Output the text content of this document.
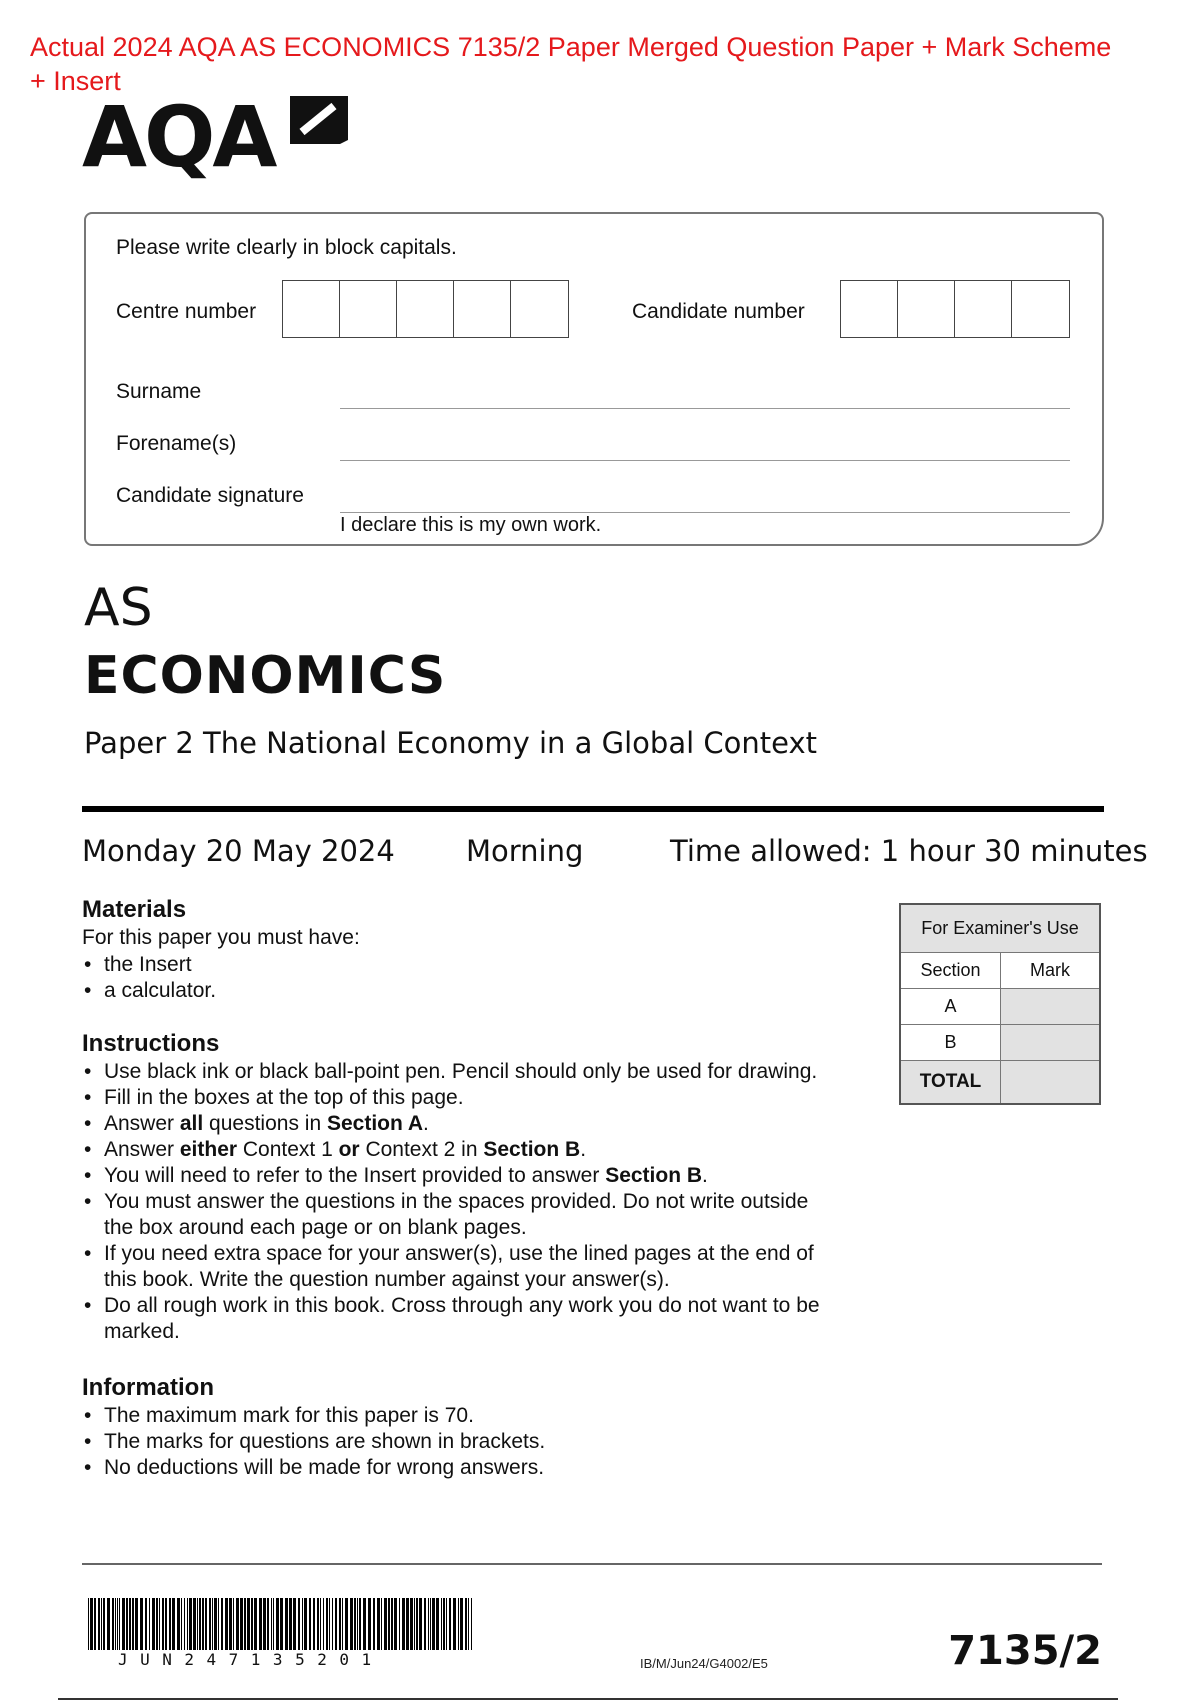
Actual 2024 AQA AS ECONOMICS 7135/2 Paper Merged Question Paper + Mark Scheme
+ Insert
AQA
Please write clearly in block capitals.
Centre number	Candidate number
Surname
Forename(s)
Candidate signature
I declare this is my own work.
AS
ECONOMICS
Paper 2 The National Economy in a Global Context
Monday 20 May 2024 Morning	Time allowed: 1 hour 30 minutes
Materials
For this paper you must have:
• the Insert
• a calculator.
Instructions
• Use black ink or black ball-point pen. Pencil should only be used for drawing.
• Fill in the boxes at the top of this page.
• Answer all questions in Section A.
• Answer either Context 1 or Context 2 in Section B.
• You will need to refer to the Insert provided to answer Section B.
• You must answer the questions in the spaces provided. Do not write outside
the box around each page or on blank pages.
• If you need extra space for your answer(s), use the lined pages at the end of
this book. Write the question number against your answer(s).
• Do all rough work in this book. Cross through any work you do not want to be
marked.
Information
• The maximum mark for this paper is 70.
• The marks for questions are shown in brackets.
• No deductions will be made for wrong answers.
For Examiner's Use
Section	Mark
A
B
TOTAL
JUN247135201	IB/M/Jun24/G4002/E5	7135/2
